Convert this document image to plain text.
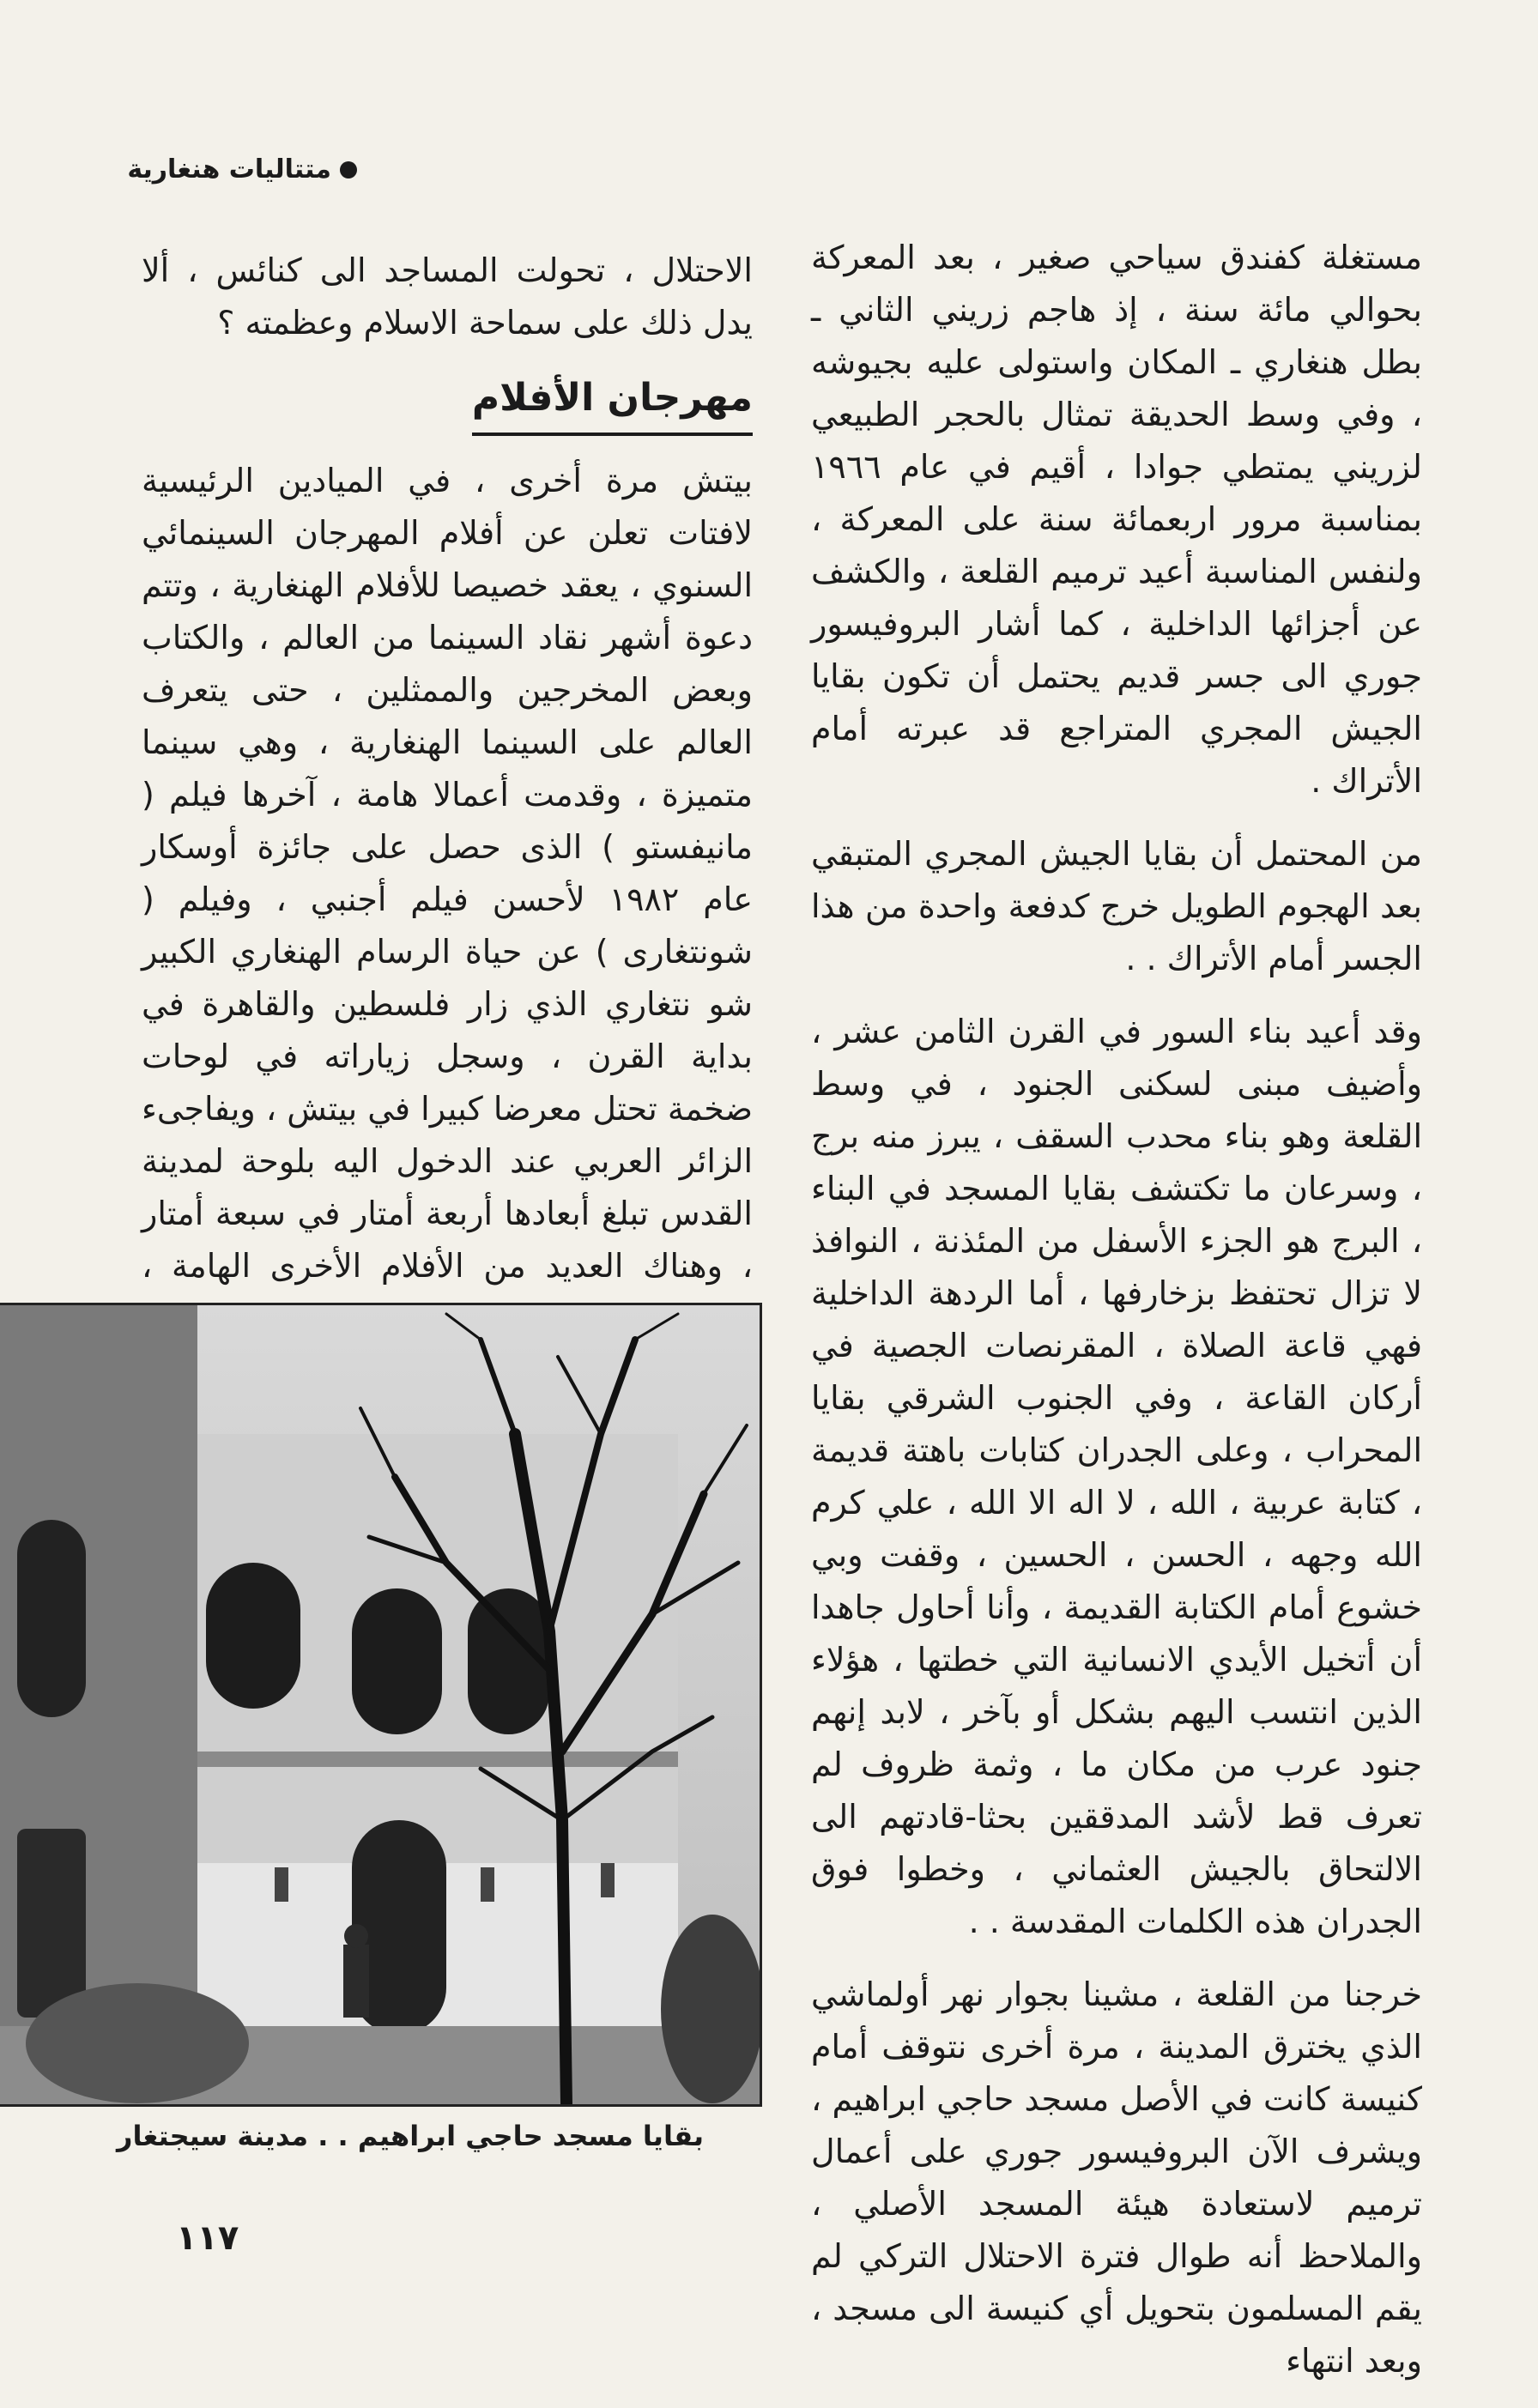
متتاليات هنغارية

مستغلة كفندق سياحي صغير ، بعد المعركة بحوالي مائة سنة ، إذ هاجم زريني الثاني ـ بطل هنغاري ـ المكان واستولى عليه بجيوشه ، وفي وسط الحديقة تمثال بالحجر الطبيعي لزريني يمتطي جوادا ، أقيم في عام ١٩٦٦ بمناسبة مرور اربعمائة سنة على المعركة ، ولنفس المناسبة أعيد ترميم القلعة ، والكشف عن أجزائها الداخلية ، كما أشار البروفيسور جوري الى جسر قديم يحتمل أن تكون بقايا الجيش المجري المتراجع قد عبرته أمام الأتراك .

من المحتمل أن بقايا الجيش المجري المتبقي بعد الهجوم الطويل خرج كدفعة واحدة من هذا الجسر أمام الأتراك . .

وقد أعيد بناء السور في القرن الثامن عشر ، وأضيف مبنى لسكنى الجنود ، في وسط القلعة وهو بناء محدب السقف ، يبرز منه برج ، وسرعان ما تكتشف بقايا المسجد في البناء ، البرج هو الجزء الأسفل من المئذنة ، النوافذ لا تزال تحتفظ بزخارفها ، أما الردهة الداخلية فهي قاعة الصلاة ، المقرنصات الجصية في أركان القاعة ، وفي الجنوب الشرقي بقايا المحراب ، وعلى الجدران كتابات باهتة قديمة ، كتابة عربية ، الله ، لا اله الا الله ، علي كرم الله وجهه ، الحسن ، الحسين ، وقفت وبي خشوع أمام الكتابة القديمة ، وأنا أحاول جاهدا أن أتخيل الأيدي الانسانية التي خطتها ، هؤلاء الذين انتسب اليهم بشكل أو بآخر ، لابد إنهم جنود عرب من مكان ما ، وثمة ظروف لم تعرف قط لأشد المدققين بحثا-قادتهم الى الالتحاق بالجيش العثماني ، وخطوا فوق الجدران هذه الكلمات المقدسة . .

خرجنا من القلعة ، مشينا بجوار نهر أولماشي الذي يخترق المدينة ، مرة أخرى نتوقف أمام كنيسة كانت في الأصل مسجد حاجي ابراهيم ، ويشرف الآن البروفيسور جوري على أعمال ترميم لاستعادة هيئة المسجد الأصلي ، والملاحظ أنه طوال فترة الاحتلال التركي لم يقم المسلمون بتحويل أي كنيسة الى مسجد ، وبعد انتهاء

الاحتلال ، تحولت المساجد الى كنائس ، ألا يدل ذلك على سماحة الاسلام وعظمته ؟

مهرجان الأفلام

بيتش مرة أخرى ، في الميادين الرئيسية لافتات تعلن عن أفلام المهرجان السينمائي السنوي ، يعقد خصيصا للأفلام الهنغارية ، وتتم دعوة أشهر نقاد السينما من العالم ، والكتاب وبعض المخرجين والممثلين ، حتى يتعرف العالم على السينما الهنغارية ، وهي سينما متميزة ، وقدمت أعمالا هامة ، آخرها فيلم ( مانيفستو ) الذى حصل على جائزة أوسكار عام ١٩٨٢ لأحسن فيلم أجنبي ، وفيلم ( شونتغارى ) عن حياة الرسام الهنغاري الكبير شو نتغاري الذي زار فلسطين والقاهرة في بداية القرن ، وسجل زياراته في لوحات ضخمة تحتل معرضا كبيرا في بيتش ، ويفاجىء الزائر العربي عند الدخول اليه بلوحة لمدينة القدس تبلغ أبعادها أربعة أمتار في سبعة أمتار ، وهناك العديد من الأفلام الأخرى الهامة ،

بقايا مسجد حاجي ابراهيم . . مدينة سيجتغار
١١٧
